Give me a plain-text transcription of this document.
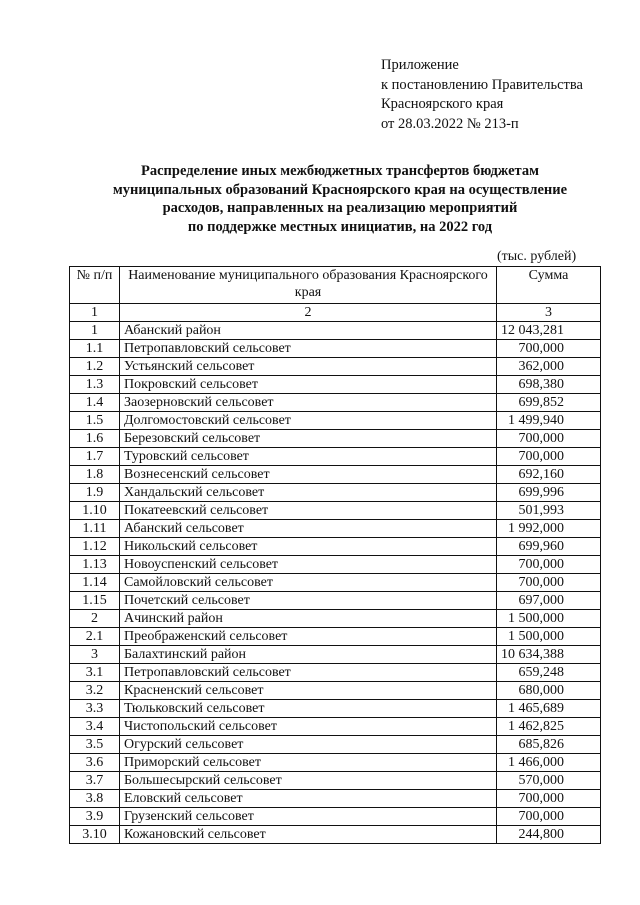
Приложение
к постановлению Правительства
Красноярского края
от 28.03.2022 № 213-п
Распределение иных межбюджетных трансфертов бюджетам
муниципальных образований Красноярского края на осуществление
расходов, направленных на реализацию мероприятий
по поддержке местных инициатив, на 2022 год
(тыс. рублей)
№ п/п	Наименование муниципального образования Красноярского края	Сумма
1	2	3
1	Абанский район	12 043,281
1.1	Петропавловский сельсовет	700,000
1.2	Устьянский сельсовет	362,000
1.3	Покровский сельсовет	698,380
1.4	Заозерновский сельсовет	699,852
1.5	Долгомостовский сельсовет	1 499,940
1.6	Березовский сельсовет	700,000
1.7	Туровский сельсовет	700,000
1.8	Вознесенский сельсовет	692,160
1.9	Хандальский сельсовет	699,996
1.10	Покатеевский сельсовет	501,993
1.11	Абанский сельсовет	1 992,000
1.12	Никольский сельсовет	699,960
1.13	Новоуспенский сельсовет	700,000
1.14	Самойловский сельсовет	700,000
1.15	Почетский сельсовет	697,000
2	Ачинский район	1 500,000
2.1	Преображенский сельсовет	1 500,000
3	Балахтинский район	10 634,388
3.1	Петропавловский сельсовет	659,248
3.2	Красненский сельсовет	680,000
3.3	Тюльковский сельсовет	1 465,689
3.4	Чистопольский сельсовет	1 462,825
3.5	Огурский сельсовет	685,826
3.6	Приморский сельсовет	1 466,000
3.7	Большесырский сельсовет	570,000
3.8	Еловский сельсовет	700,000
3.9	Грузенский сельсовет	700,000
3.10	Кожановский сельсовет	244,800
